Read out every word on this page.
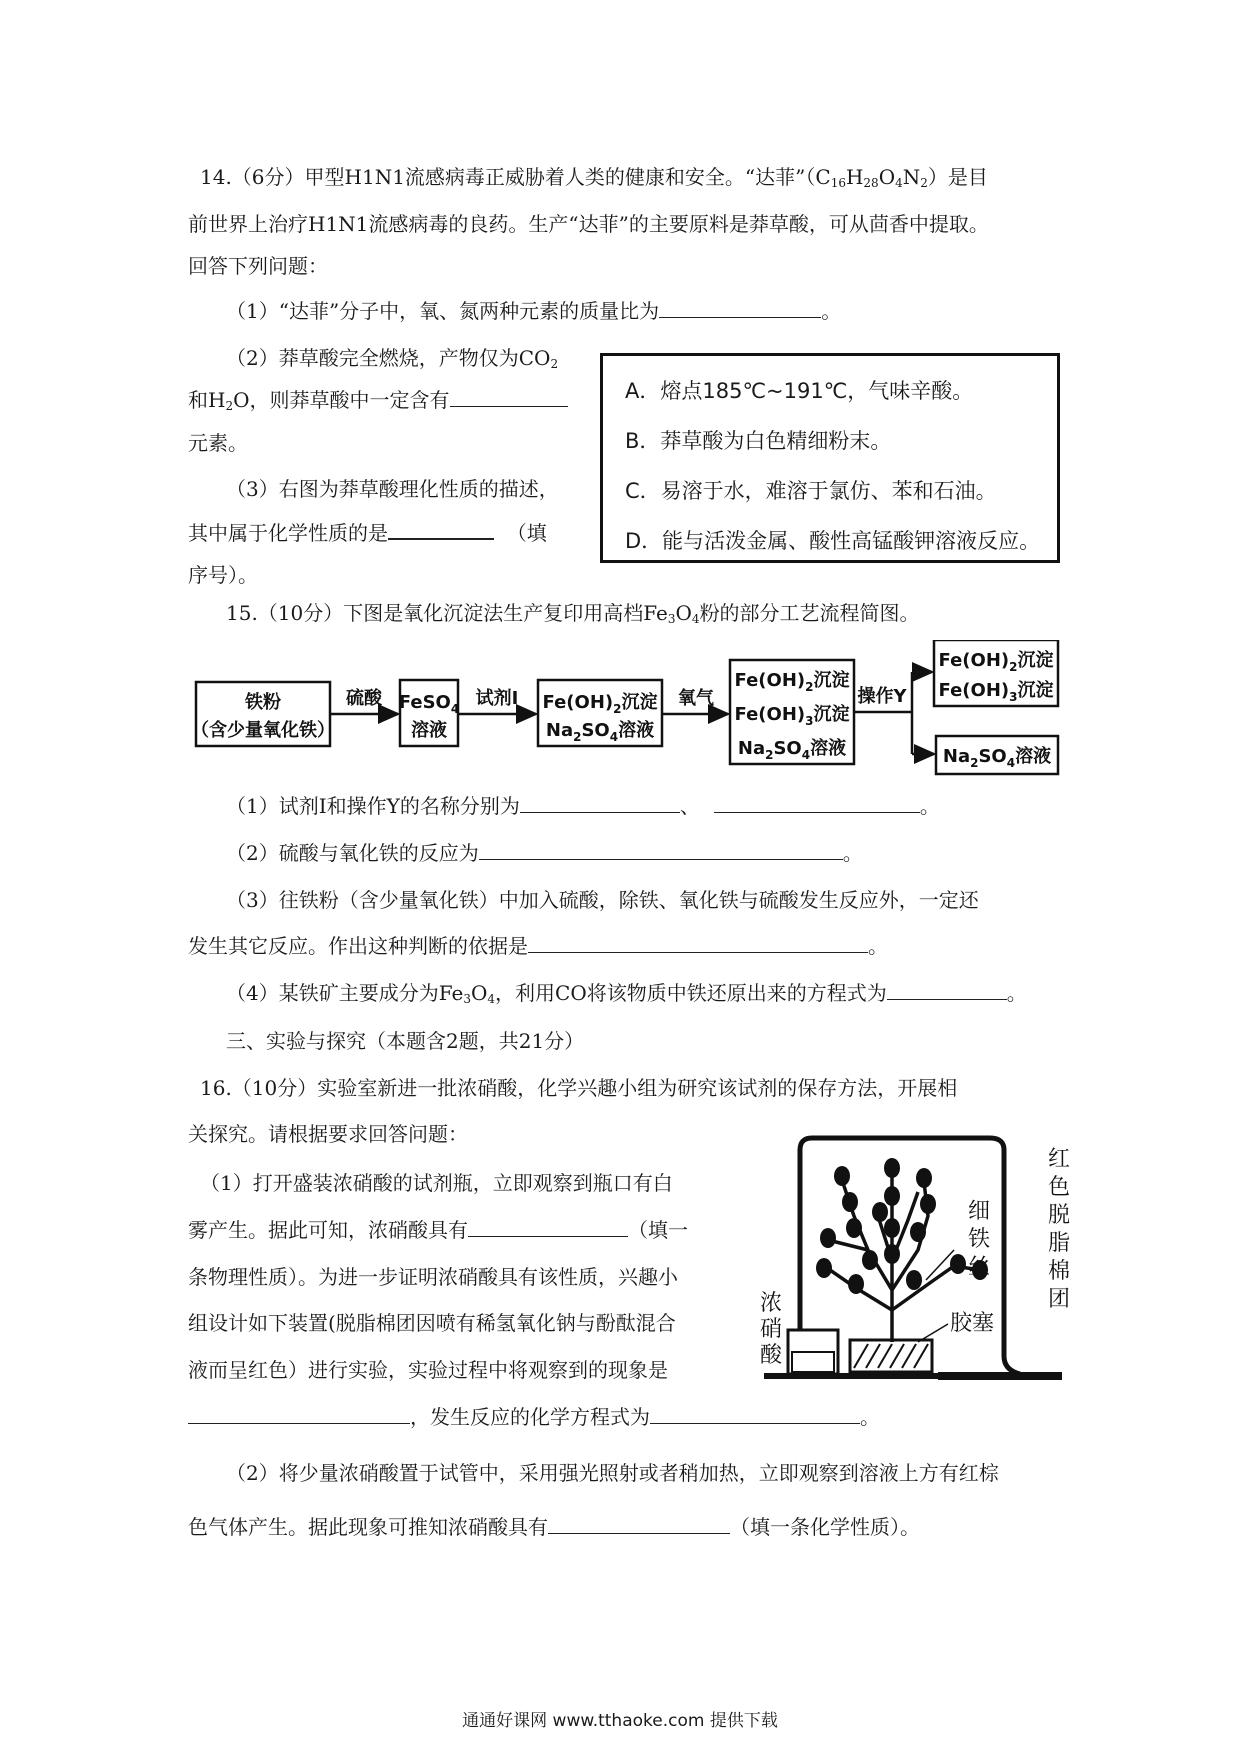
14.（6分）甲型H1N1流感病毒正威胁着人类的健康和安全。“达菲$”(C_{16}H_{28}O_4N_2)$是目
前世界上治疗H1N1流感病毒的良药。生产“达菲”的主要原料是莽草酸，可从茴香中提取。
回答下列问题：
（1）“达菲”分子中，氧、氮两种元素的质量比为	。
（2）莽草酸完全燃烧，产物仅为$CO_2$
和$H_2O$，则莽草酸中一定含有
元素。
（3）右图为莽草酸理化性质的描述，
其中属于化学性质的是	（填
序号）。
A．熔点185℃~191℃，气味辛酸。
B．莽草酸为白色精细粉末。
C．易溶于水，难溶于氯仿、苯和石油。
D．能与活泼金属、酸性高锰酸钾溶液反应。
15.（10分）下图是氧化沉淀法生产复印用高档$Fe_3O_4$粉的部分工艺流程简图。
铁粉
（含少量氧化铁）
硫酸 FeSO$_4$
溶液
试剂I $Fe(OH)_2$沉淀
$Na_2SO_4$溶液
氧气
$Fe(OH)_2$沉淀
$Fe(OH)_3$沉淀
$Na_2SO_4$溶液
操作Y
$Fe(OH)_2$沉淀
$Fe(OH)_3$沉淀
$Na_2SO_4$溶液
（1）试剂I和操作Y的名称分别为	、	。
（2）硫酸与氧化铁的反应为	。
（3）往铁粉（含少量氧化铁）中加入硫酸，除铁、氧化铁与硫酸发生反应外，一定还
发生其它反应。作出这种判断的依据是	。
（4）某铁矿主要成分为$Fe_3O_4$，利用CO将该物质中铁还原出来的方程式为	。
三、实验与探究（本题含2题，共21分）
16.（10分）实验室新进一批浓硝酸，化学兴趣小组为研究该试剂的保存方法，开展相
关探究。请根据要求回答问题：
（1）打开盛装浓硝酸的试剂瓶，立即观察到瓶口有白
雾产生。据此可知，浓硝酸具有	（填一
条物理性质）。为进一步证明浓硝酸具有该性质，兴趣小
组设计如下装置(脱脂棉团因喷有稀氢氧化钠与酚酞混合
液而呈红色）进行实验，实验过程中将观察到的现象是
，发生反应的化学方程式为	。
（2）将少量浓硝酸置于试管中，采用强光照射或者稍加热，立即观察到溶液上方有红棕
色气体产生。据此现象可推知浓硝酸具有	（填一条化学性质）。
红
色
脱
脂
棉
团
细
铁
丝
胶塞
浓
硝
酸
通通好课网 www.tthaoke.com 提供下载
